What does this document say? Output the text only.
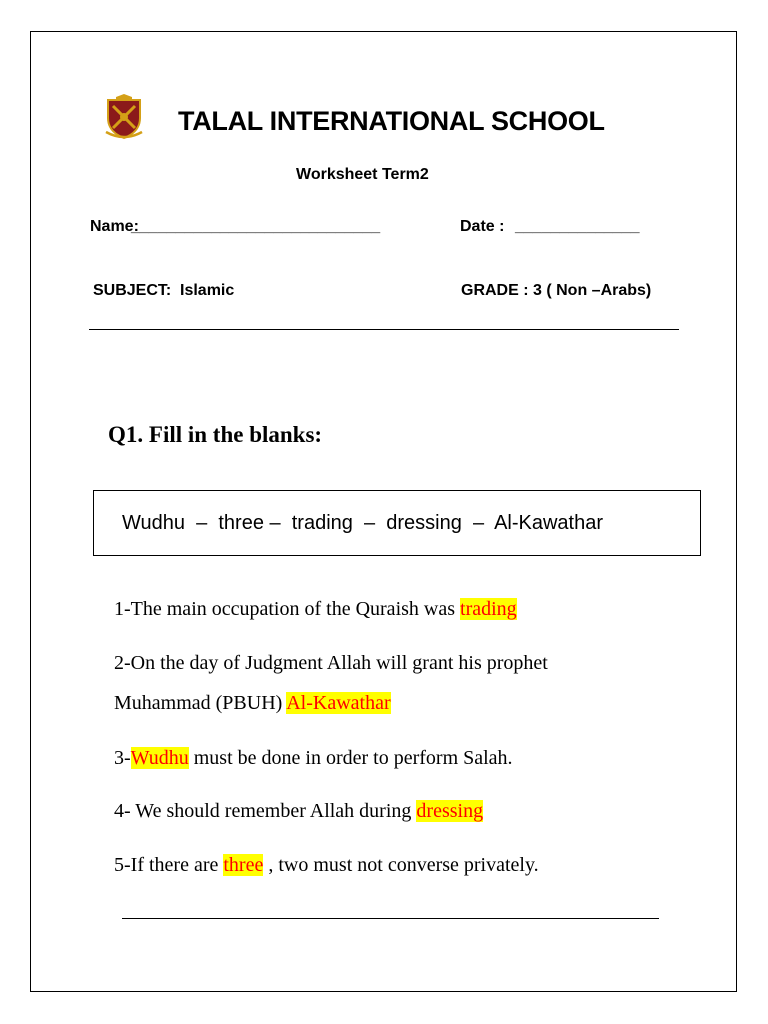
TALAL INTERNATIONAL SCHOOL
Worksheet Term2
Name:
____________________________	Date : ______________
SUBJECT: Islamic	GRADE : 3 ( Non –Arabs)
Q1. Fill in the blanks:
Wudhu  –  three –  trading  –  dressing  –  Al-Kawathar
1-The main occupation of the Quraish was trading
2-On the day of Judgment Allah will grant his prophet
Muhammad (PBUH) Al-Kawathar
3-Wudhu must be done in order to perform Salah.
4- We should remember Allah during dressing
5-If there are three , two must not converse privately.
